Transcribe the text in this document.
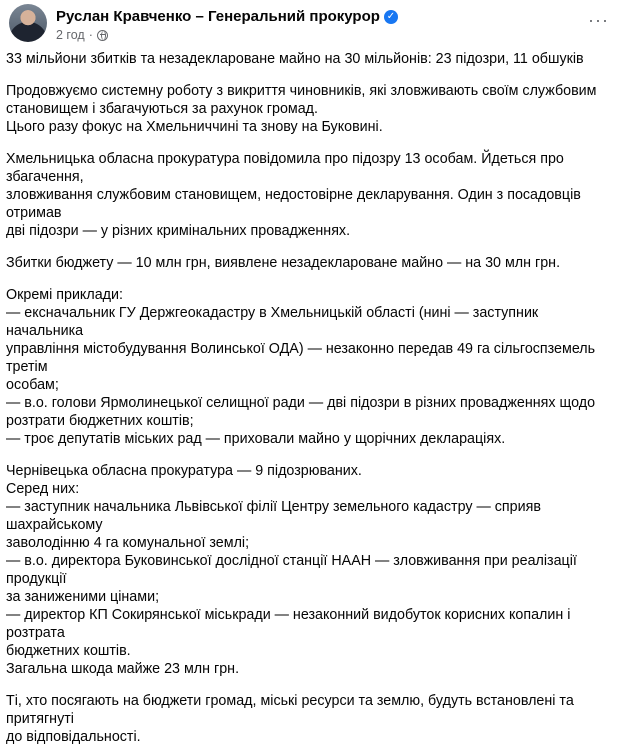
Руслан Кравченко – Генеральний прокурор ✓
2 год ·
···
33 мільйони збитків та незадекларoване майно на 30 мільйонів: 23 підозри, 11 обшуків
Продовжуємо системну роботу з викриття чиновників, які зловживають своїм службовим
становищем і збагачуються за рахунок громад.
Цього разу фокус на Хмельниччині та знову на Буковині.
Хмельницька обласна прокуратура повідомила про підозру 13 особам. Йдеться про збагачення,
зловживання службовим становищем, недостовірне декларування. Один з посадовців отримав
дві підозри — у різних кримінальних провадженнях.
Збитки бюджету — 10 млн грн, виявлене незадеклароване майно — на 30 млн грн.
Окремі приклади:
— екснaчальник ГУ Держгеокадастру в Хмельницькій області (нині — заступник начальника
управління містобудування Волинської ОДА) — незаконно передав 49 га сільгоспземель третім
особам;
— в.о. голови Ярмолинецької селищної ради — дві підозри в різних провадженнях щодо
розтрати бюджетних коштів;
— троє депутатів міських рад — приховали майно у щорічних деклараціях.
Чернівецька обласна прокуратура — 9 підозрюваних.
Серед них:
— заступник начальника Львівської філії Центру земельного кадастру — сприяв шахрайському
заволодінню 4 га комунальної землі;
— в.о. директора Буковинської дослідної станції НААН — зловживання при реалізації продукції
за заниженими цінами;
— директор КП Сокирянської міськради — незаконний видобуток корисних копалин і розтрата
бюджетних коштів.
Загальна шкода майже 23 млн грн.
Ті, хто посягають на бюджети громад, міські ресурси та землю, будуть встановлені та притягнуті
до відповідальності.
